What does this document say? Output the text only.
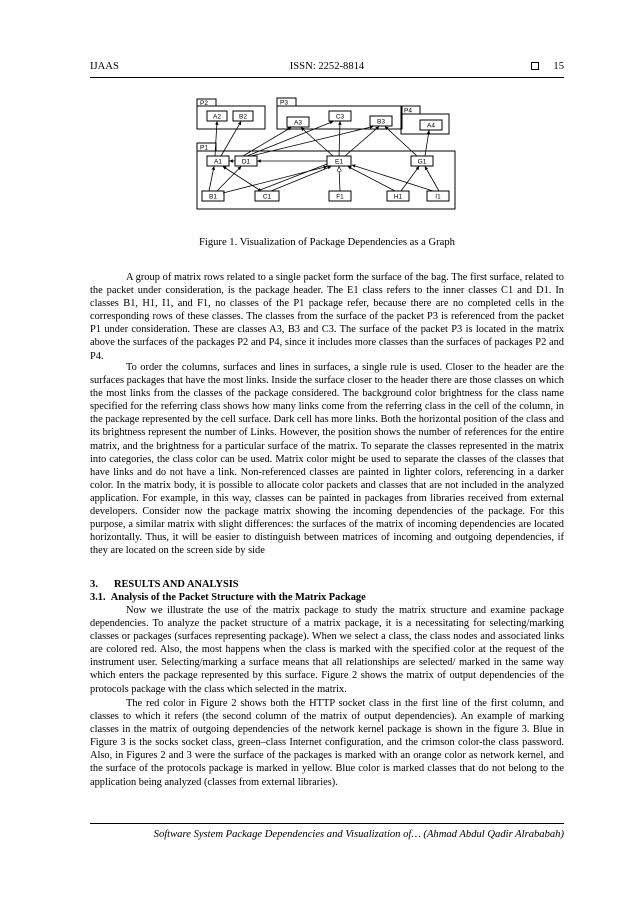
IJAAS	ISSN: 2252-8814	15
P2	P3
P4
P1
A2	B2
A3
C3
B3
A4
A1	D1	E1	G1
B1	C1	F1	H1	I1
Figure 1. Visualization of Package Dependencies as a Graph

A group of matrix rows related to a single packet form the surface of the bag. The first surface, related to the packet under consideration, is the package header. The E1 class refers to the inner classes C1 and D1. In classes B1, H1, I1, and F1, no classes of the P1 package refer, because there are no completed cells in the corresponding rows of these classes. The classes from the surface of the packet P3 is referenced from the packet P1 under consideration. These are classes A3, B3 and C3. The surface of the packet P3 is located in the matrix above the surfaces of the packages P2 and P4, since it includes more classes than the surfaces of packages P2 and P4.

To order the columns, surfaces and lines in surfaces, a single rule is used. Closer to the header are the surfaces packages that have the most links. Inside the surface closer to the header there are those classes on which the most links from the classes of the package considered. The background color brightness for the class name specified for the referring class shows how many links come from the referring class in the cell of the column, in the package represented by the cell surface. Dark cell has more links. Both the horizontal position of the class and its brightness represent the number of Links. However, the position shows the number of references for the entire matrix, and the brightness for a particular surface of the matrix. To separate the classes represented in the matrix into categories, the class color can be used. Matrix color might be used to separate the classes of the classes that have links and do not have a link. Non-referenced classes are painted in lighter colors, referencing in a darker color. In the matrix body, it is possible to allocate color packets and classes that are not included in the analyzed application. For example, in this way, classes can be painted in packages from libraries received from external developers. Consider now the package matrix showing the incoming dependencies of the package. For this purpose, a similar matrix with slight differences: the surfaces of the matrix of incoming dependencies are located horizontally. Thus, it will be easier to distinguish between matrices of incoming and outgoing dependencies, if they are located on the screen side by side

3. RESULTS AND ANALYSIS
3.1. Analysis of the Packet Structure with the Matrix Package

Now we illustrate the use of the matrix package to study the matrix structure and examine package dependencies. To analyze the packet structure of a matrix package, it is a necessitating for selecting/marking classes or packages (surfaces representing package). When we select a class, the class nodes and associated links are colored red. Also, the most happens when the class is marked with the specified color at the request of the instrument user. Selecting/marking a surface means that all relationships are selected/ marked in the same way which enters the package represented by this surface. Figure 2 shows the matrix of output dependencies of the protocols package with the class which selected in the matrix.

The red color in Figure 2 shows both the HTTP socket class in the first line of the first column, and classes to which it refers (the second column of the matrix of output dependencies). An example of marking classes in the matrix of outgoing dependencies of the network kernel package is shown in the figure 3. Blue in Figure 3 is the socks socket class, green–class Internet configuration, and the crimson color-the class password. Also, in Figures 2 and 3 were the surface of the packages is marked with an orange color as network kernel, and the surface of the protocols package is marked in yellow. Blue color is marked classes that do not belong to the application being analyzed (classes from external libraries).

Software System Package Dependencies and Visualization of… (Ahmad Abdul Qadir Alrababah)
